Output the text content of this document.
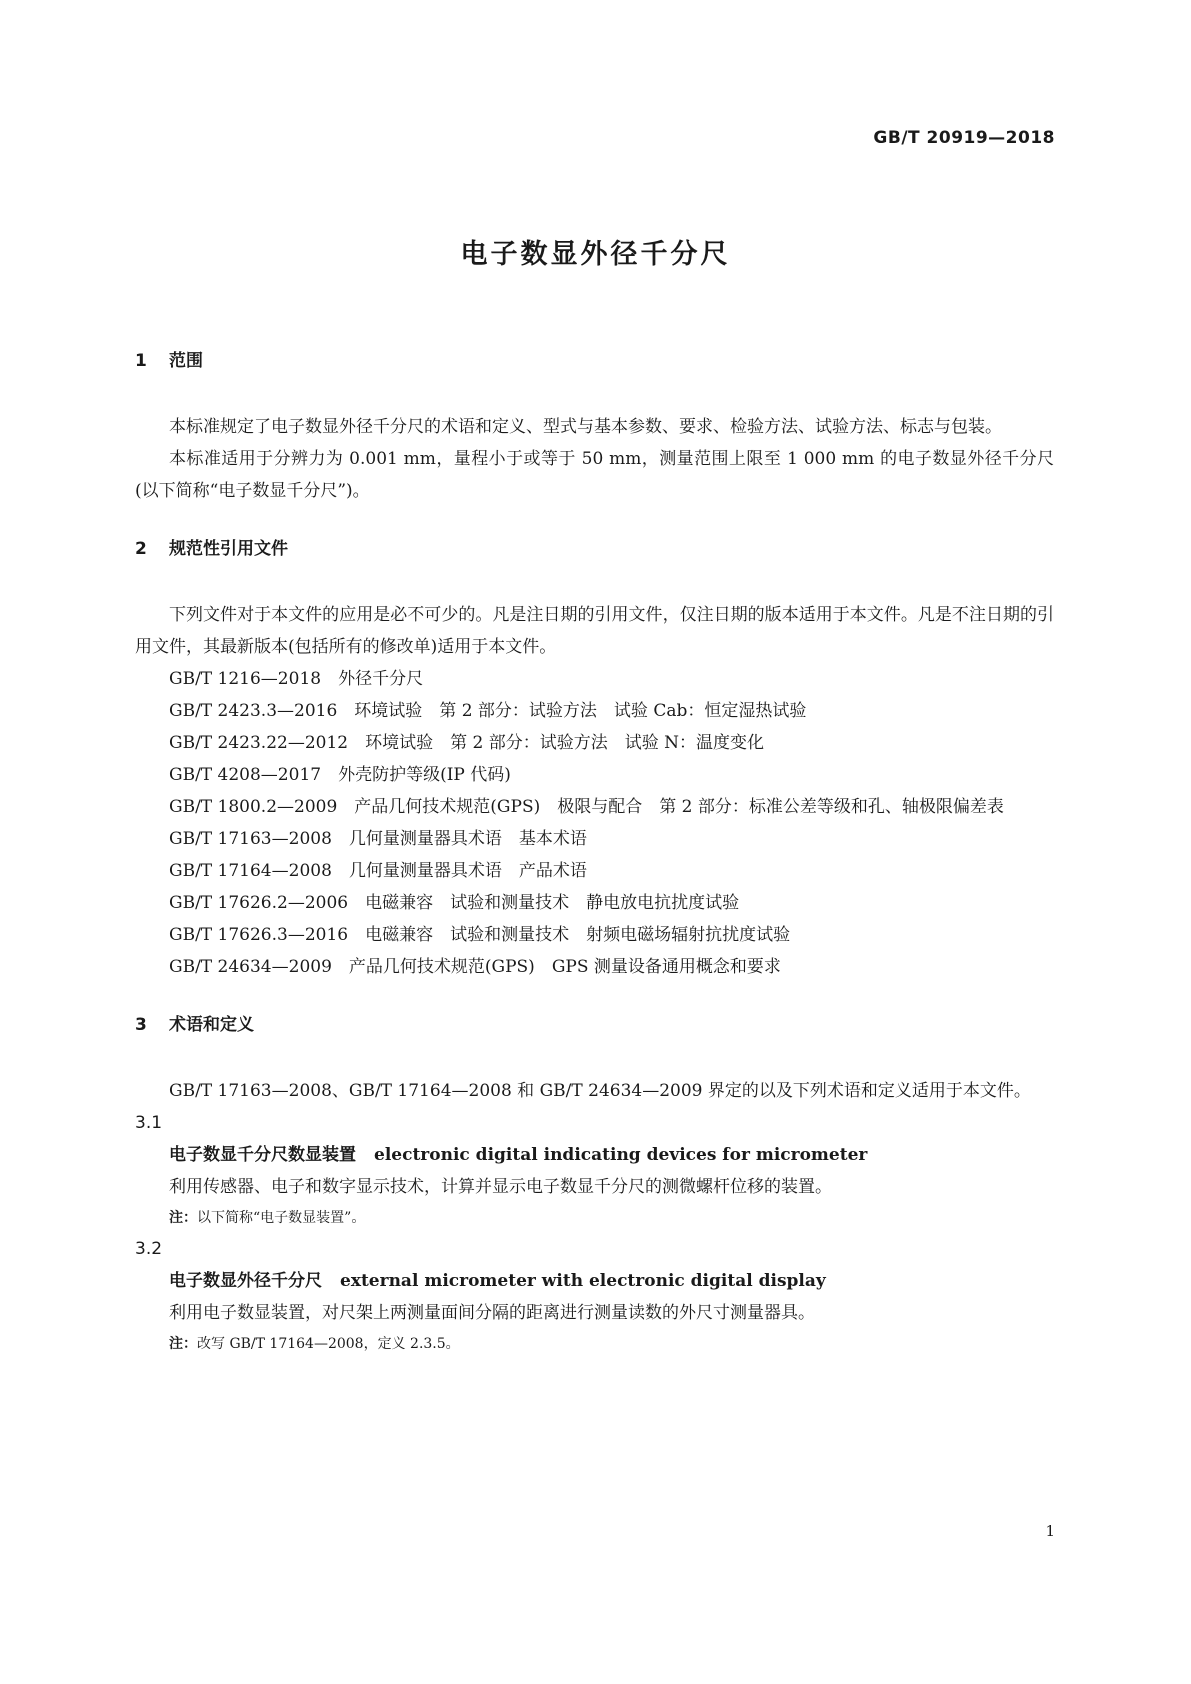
GB/T 20919—2018
电子数显外径千分尺

1 范围

本标准规定了电子数显外径千分尺的术语和定义、型式与基本参数、要求、检验方法、试验方法、标志与包装。

本标准适用于分辨力为 0.001 mm，量程小于或等于 50 mm，测量范围上限至 1 000 mm 的电子数显外径千分尺(以下简称“电子数显千分尺”)。

2 规范性引用文件

下列文件对于本文件的应用是必不可少的。凡是注日期的引用文件，仅注日期的版本适用于本文件。凡是不注日期的引用文件，其最新版本(包括所有的修改单)适用于本文件。

GB/T 1216—2018　外径千分尺

GB/T 2423.3—2016　环境试验　第 2 部分：试验方法　试验 Cab：恒定湿热试验

GB/T 2423.22—2012　环境试验　第 2 部分：试验方法　试验 N：温度变化

GB/T 4208—2017　外壳防护等级(IP 代码)

GB/T 1800.2—2009　产品几何技术规范(GPS)　极限与配合　第 2 部分：标准公差等级和孔、轴极限偏差表

GB/T 17163—2008　几何量测量器具术语　基本术语

GB/T 17164—2008　几何量测量器具术语　产品术语

GB/T 17626.2—2006　电磁兼容　试验和测量技术　静电放电抗扰度试验

GB/T 17626.3—2016　电磁兼容　试验和测量技术　射频电磁场辐射抗扰度试验

GB/T 24634—2009　产品几何技术规范(GPS)　GPS 测量设备通用概念和要求

3 术语和定义

GB/T 17163—2008、GB/T 17164—2008 和 GB/T 24634—2009 界定的以及下列术语和定义适用于本文件。

3.1

电子数显千分尺数显装置 electronic digital indicating devices for micrometer

利用传感器、电子和数字显示技术，计算并显示电子数显千分尺的测微螺杆位移的装置。

注：以下简称“电子数显装置”。

3.2

电子数显外径千分尺 external micrometer with electronic digital display

利用电子数显装置，对尺架上两测量面间分隔的距离进行测量读数的外尺寸测量器具。

注：改写 GB/T 17164—2008，定义 2.3.5。

1
